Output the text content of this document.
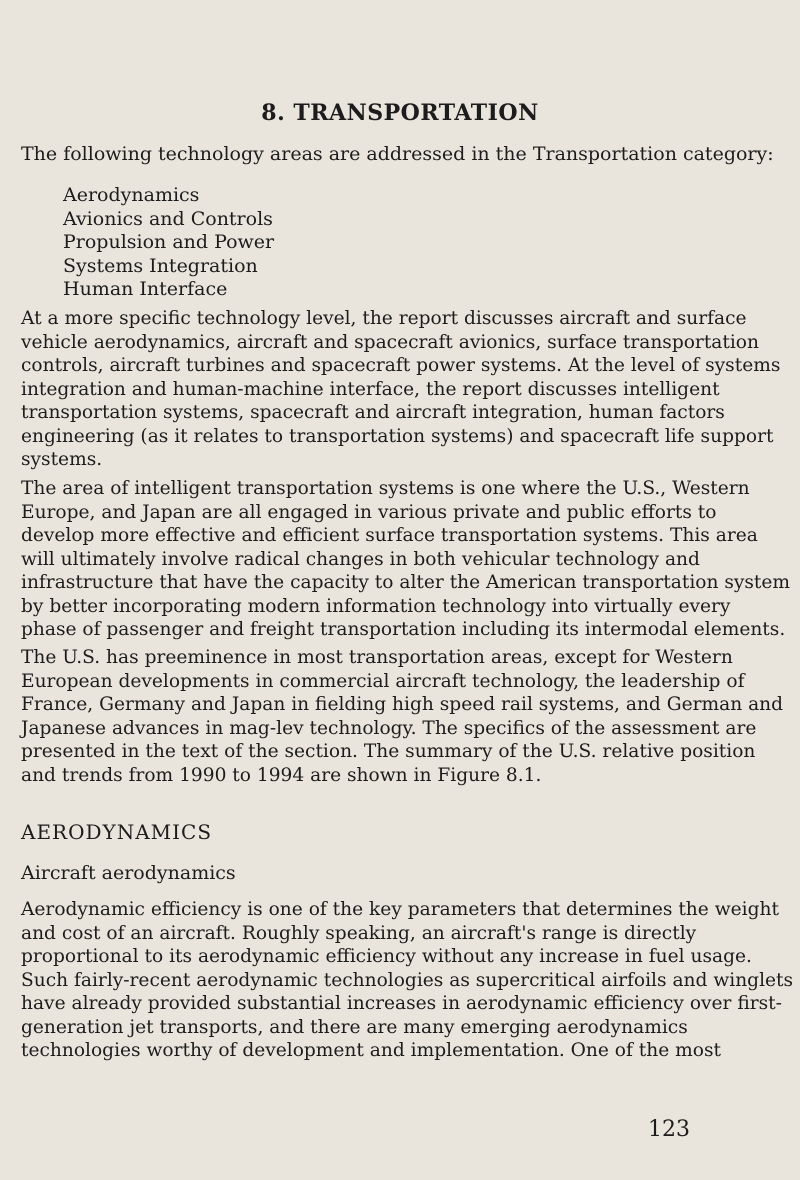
8. TRANSPORTATION
The following technology areas are addressed in the Transportation category:
Aerodynamics
Avionics and Controls
Propulsion and Power
Systems Integration
Human Interface

At a more specific technology level, the report discusses aircraft and surface
vehicle aerodynamics, aircraft and spacecraft avionics, surface transportation
controls, aircraft turbines and spacecraft power systems. At the level of systems
integration and human-machine interface, the report discusses intelligent
transportation systems, spacecraft and aircraft integration, human factors
engineering (as it relates to transportation systems) and spacecraft life support
systems.

The area of intelligent transportation systems is one where the U.S., Western
Europe, and Japan are all engaged in various private and public efforts to
develop more effective and efficient surface transportation systems. This area
will ultimately involve radical changes in both vehicular technology and
infrastructure that have the capacity to alter the American transportation system
by better incorporating modern information technology into virtually every
phase of passenger and freight transportation including its intermodal elements.

The U.S. has preeminence in most transportation areas, except for Western
European developments in commercial aircraft technology, the leadership of
France, Germany and Japan in fielding high speed rail systems, and German and
Japanese advances in mag-lev technology. The specifics of the assessment are
presented in the text of the section. The summary of the U.S. relative position
and trends from 1990 to 1994 are shown in Figure 8.1.

AERODYNAMICS
Aircraft aerodynamics

Aerodynamic efficiency is one of the key parameters that determines the weight
and cost of an aircraft. Roughly speaking, an aircraft's range is directly
proportional to its aerodynamic efficiency without any increase in fuel usage.
Such fairly-recent aerodynamic technologies as supercritical airfoils and winglets
have already provided substantial increases in aerodynamic efficiency over first-
generation jet transports, and there are many emerging aerodynamics
technologies worthy of development and implementation. One of the most

123
